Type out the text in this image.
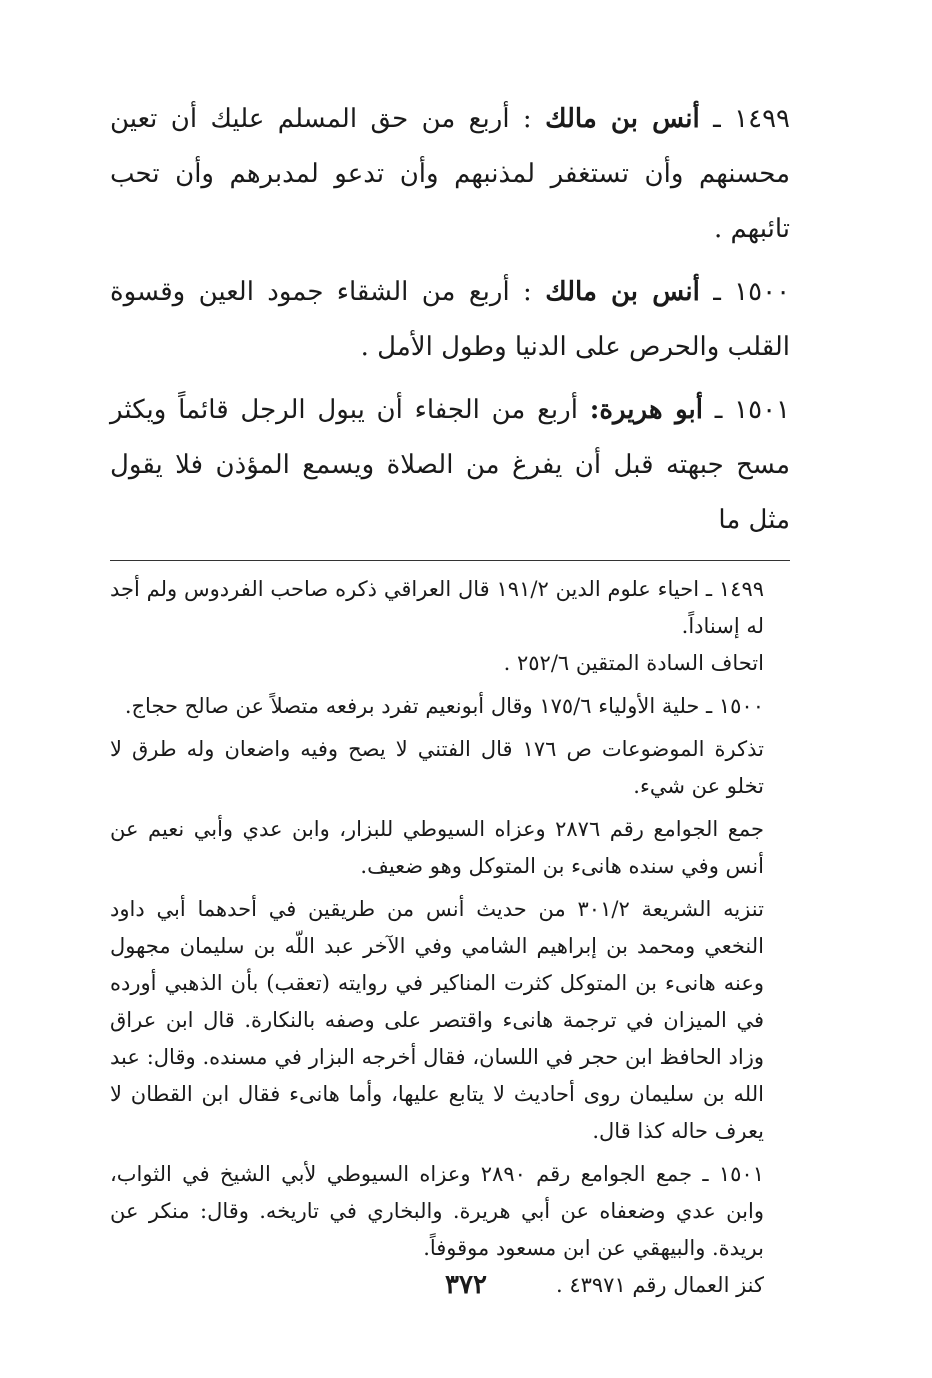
١٤٩٩ ـ أنس بن مالك : أربع من حق المسلم عليك أن تعين محسنهم وأن تستغفر لمذنبهم وأن تدعو لمدبرهم وأن تحب تائبهم .

١٥٠٠ ـ أنس بن مالك : أربع من الشقاء جمود العين وقسوة القلب والحرص على الدنيا وطول الأمل .

١٥٠١ ـ أبو هريرة: أربع من الجفاء أن يبول الرجل قائماً ويكثر مسح جبهته قبل أن يفرغ من الصلاة ويسمع المؤذن فلا يقول مثل ما

١٤٩٩ ـ احياء علوم الدين ١٩١/٢ قال العراقي ذكره صاحب الفردوس ولم أجد له إسناداً.

اتحاف السادة المتقين ٢٥٢/٦ .

١٥٠٠ ـ حلية الأولياء ١٧٥/٦ وقال أبونعيم تفرد برفعه متصلاً عن صالح حجاج.

تذكرة الموضوعات ص ١٧٦ قال الفتني لا يصح وفيه واضعان وله طرق لا تخلو عن شيء.

جمع الجوامع رقم ٢٨٧٦ وعزاه السيوطي للبزار، وابن عدي وأبي نعيم عن أنس وفي سنده هانىء بن المتوكل وهو ضعيف.

تنزيه الشريعة ٣٠١/٢ من حديث أنس من طريقين في أحدهما أبي داود النخعي ومحمد بن إبراهيم الشامي وفي الآخر عبد اللّه بن سليمان مجهول وعنه هانىء بن المتوكل كثرت المناكير في روايته (تعقب) بأن الذهبي أورده في الميزان في ترجمة هانىء واقتصر على وصفه بالنكارة. قال ابن عراق وزاد الحافظ ابن حجر في اللسان، فقال أخرجه البزار في مسنده. وقال: عبد الله بن سليمان روى أحاديث لا يتابع عليها، وأما هانىء فقال ابن القطان لا يعرف حاله كذا قال.

١٥٠١ ـ جمع الجوامع رقم ٢٨٩٠ وعزاه السيوطي لأبي الشيخ في الثواب، وابن عدي وضعفاه عن أبي هريرة. والبخاري في تاريخه. وقال: منكر عن بريدة. والبيهقي عن ابن مسعود موقوفاً.

كنز العمال رقم ٤٣٩٧١ .

٣٧٢
